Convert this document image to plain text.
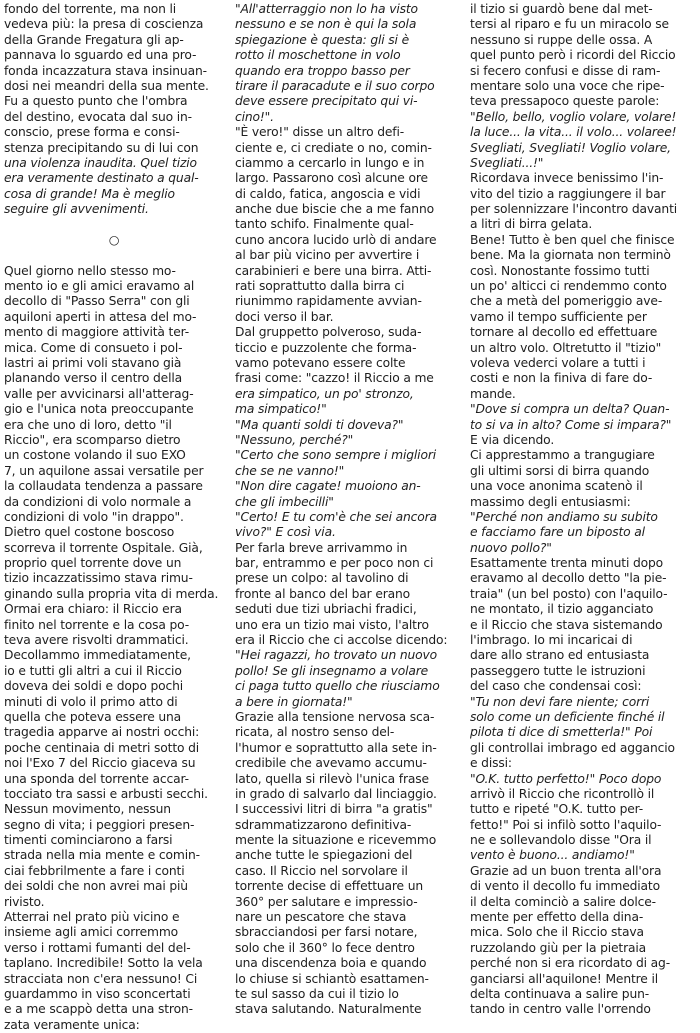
fondo del torrente, ma non li
vedeva più: la presa di coscienza
della Grande Fregatura gli ap-
pannava lo sguardo ed una pro-
fonda incazzatura stava insinuan-
dosi nei meandri della sua mente.
Fu a questo punto che l'ombra
del destino, evocata dal suo in-
conscio, prese forma e consi-
stenza precipitando su di lui con
una violenza inaudita. Quel tizio
era veramente destinato a qual-
cosa di grande! Ma è meglio
seguire gli avvenimenti.
○
Quel giorno nello stesso mo-
mento io e gli amici eravamo al
decollo di "Passo Serra" con gli
aquiloni aperti in attesa del mo-
mento di maggiore attività ter-
mica. Come di consueto i pol-
lastri ai primi voli stavano già
planando verso il centro della
valle per avvicinarsi all'atterag-
gio e l'unica nota preoccupante
era che uno di loro, detto "il
Riccio", era scomparso dietro
un costone volando il suo EXO
7, un aquilone assai versatile per
la collaudata tendenza a passare
da condizioni di volo normale a
condizioni di volo "in drappo".
Dietro quel costone boscoso
scorreva il torrente Ospitale. Già,
proprio quel torrente dove un
tizio incazzatissimo stava rimu-
ginando sulla propria vita di merda.
Ormai era chiaro: il Riccio era
finito nel torrente e la cosa po-
teva avere risvolti drammatici.
Decollammo immediatamente,
io e tutti gli altri a cui il Riccio
doveva dei soldi e dopo pochi
minuti di volo il primo atto di
quella che poteva essere una
tragedia apparve ai nostri occhi:
poche centinaia di metri sotto di
noi l'Exo 7 del Riccio giaceva su
una sponda del torrente accar-
tocciato tra sassi e arbusti secchi.
Nessun movimento, nessun
segno di vita; i peggiori presen-
timenti cominciarono a farsi
strada nella mia mente e comin-
ciai febbrilmente a fare i conti
dei soldi che non avrei mai più
rivisto.
Atterrai nel prato più vicino e
insieme agli amici corremmo
verso i rottami fumanti del del-
taplano. Incredibile! Sotto la vela
stracciata non c'era nessuno! Ci
guardammo in viso sconcertati
e a me scappò detta una stron-
zata veramente unica:
"All'atterraggio non lo ha visto
nessuno e se non è qui la sola
spiegazione è questa: gli si è
rotto il moschettone in volo
quando era troppo basso per
tirare il paracadute e il suo corpo
deve essere precipitato qui vi-
cino!".
"È vero!" disse un altro defi-
ciente e, ci crediate o no, comin-
ciammo a cercarlo in lungo e in
largo. Passarono così alcune ore
di caldo, fatica, angoscia e vidi
anche due biscie che a me fanno
tanto schifo. Finalmente qual-
cuno ancora lucido urlò di andare
al bar più vicino per avvertire i
carabinieri e bere una birra. Atti-
rati soprattutto dalla birra ci
riunimmo rapidamente avvian-
doci verso il bar.
Dal gruppetto polveroso, suda-
ticcio e puzzolente che forma-
vamo potevano essere colte
frasi come: "cazzo! il Riccio a me
era simpatico, un po' stronzo,
ma simpatico!"
"Ma quanti soldi ti doveva?"
"Nessuno, perché?"
"Certo che sono sempre i migliori
che se ne vanno!"
"Non dire cagate! muoiono an-
che gli imbecilli"
"Certo! E tu com'è che sei ancora
vivo?" E così via.
Per farla breve arrivammo in
bar, entrammo e per poco non ci
prese un colpo: al tavolino di
fronte al banco del bar erano
seduti due tizi ubriachi fradici,
uno era un tizio mai visto, l'altro
era il Riccio che ci accolse dicendo:
"Hei ragazzi, ho trovato un nuovo
pollo! Se gli insegnamo a volare
ci paga tutto quello che riusciamo
a bere in giornata!"
Grazie alla tensione nervosa sca-
ricata, al nostro senso del-
l'humor e soprattutto alla sete in-
credibile che avevamo accumu-
lato, quella si rilevò l'unica frase
in grado di salvarlo dal linciaggio.
I successivi litri di birra "a gratis"
sdrammatizzarono definitiva-
mente la situazione e ricevemmo
anche tutte le spiegazioni del
caso. Il Riccio nel sorvolare il
torrente decise di effettuare un
360° per salutare e impressio-
nare un pescatore che stava
sbracciandosi per farsi notare,
solo che il 360° lo fece dentro
una discendenza boia e quando
lo chiuse si schiantò esattamen-
te sul sasso da cui il tizio lo
stava salutando. Naturalmente
il tizio si guardò bene dal met-
tersi al riparo e fu un miracolo se
nessuno si ruppe delle ossa. A
quel punto però i ricordi del Riccio
si fecero confusi e disse di ram-
mentare solo una voce che ripe-
teva pressapoco queste parole:
"Bello, bello, voglio volare, volare!
la luce... la vita... il volo... volaree!
Svegliati, Svegliati! Voglio volare,
Svegliati...!"
Ricordava invece benissimo l'in-
vito del tizio a raggiungere il bar
per solennizzare l'incontro davanti
a litri di birra gelata.
Bene! Tutto è ben quel che finisce
bene. Ma la giornata non terminò
così. Nonostante fossimo tutti
un po' alticci ci rendemmo conto
che a metà del pomeriggio ave-
vamo il tempo sufficiente per
tornare al decollo ed effettuare
un altro volo. Oltretutto il "tizio"
voleva vederci volare a tutti i
costi e non la finiva di fare do-
mande.
"Dove si compra un delta? Quan-
to si va in alto? Come si impara?"
E via dicendo.
Ci apprestammo a trangugiare
gli ultimi sorsi di birra quando
una voce anonima scatenò il
massimo degli entusiasmi:
"Perché non andiamo su subito
e facciamo fare un biposto al
nuovo pollo?"
Esattamente trenta minuti dopo
eravamo al decollo detto "la pie-
traia" (un bel posto) con l'aquilo-
ne montato, il tizio agganciato
e il Riccio che stava sistemando
l'imbrago. Io mi incaricai di
dare allo strano ed entusiasta
passeggero tutte le istruzioni
del caso che condensai così:
"Tu non devi fare niente; corri
solo come un deficiente finché il
pilota ti dice di smetterla!" Poi
gli controllai imbrago ed aggancio
e dissi:
"O.K. tutto perfetto!" Poco dopo
arrivò il Riccio che ricontrollò il
tutto e ripeté "O.K. tutto per-
fetto!" Poi si infilò sotto l'aquilo-
ne e sollevandolo disse "Ora il
vento è buono... andiamo!"
Grazie ad un buon trenta all'ora
di vento il decollo fu immediato
il delta cominciò a salire dolce-
mente per effetto della dina-
mica. Solo che il Riccio stava
ruzzolando giù per la pietraia
perché non si era ricordato di ag-
ganciarsi all'aquilone! Mentre il
delta continuava a salire pun-
tando in centro valle l'orrendo
